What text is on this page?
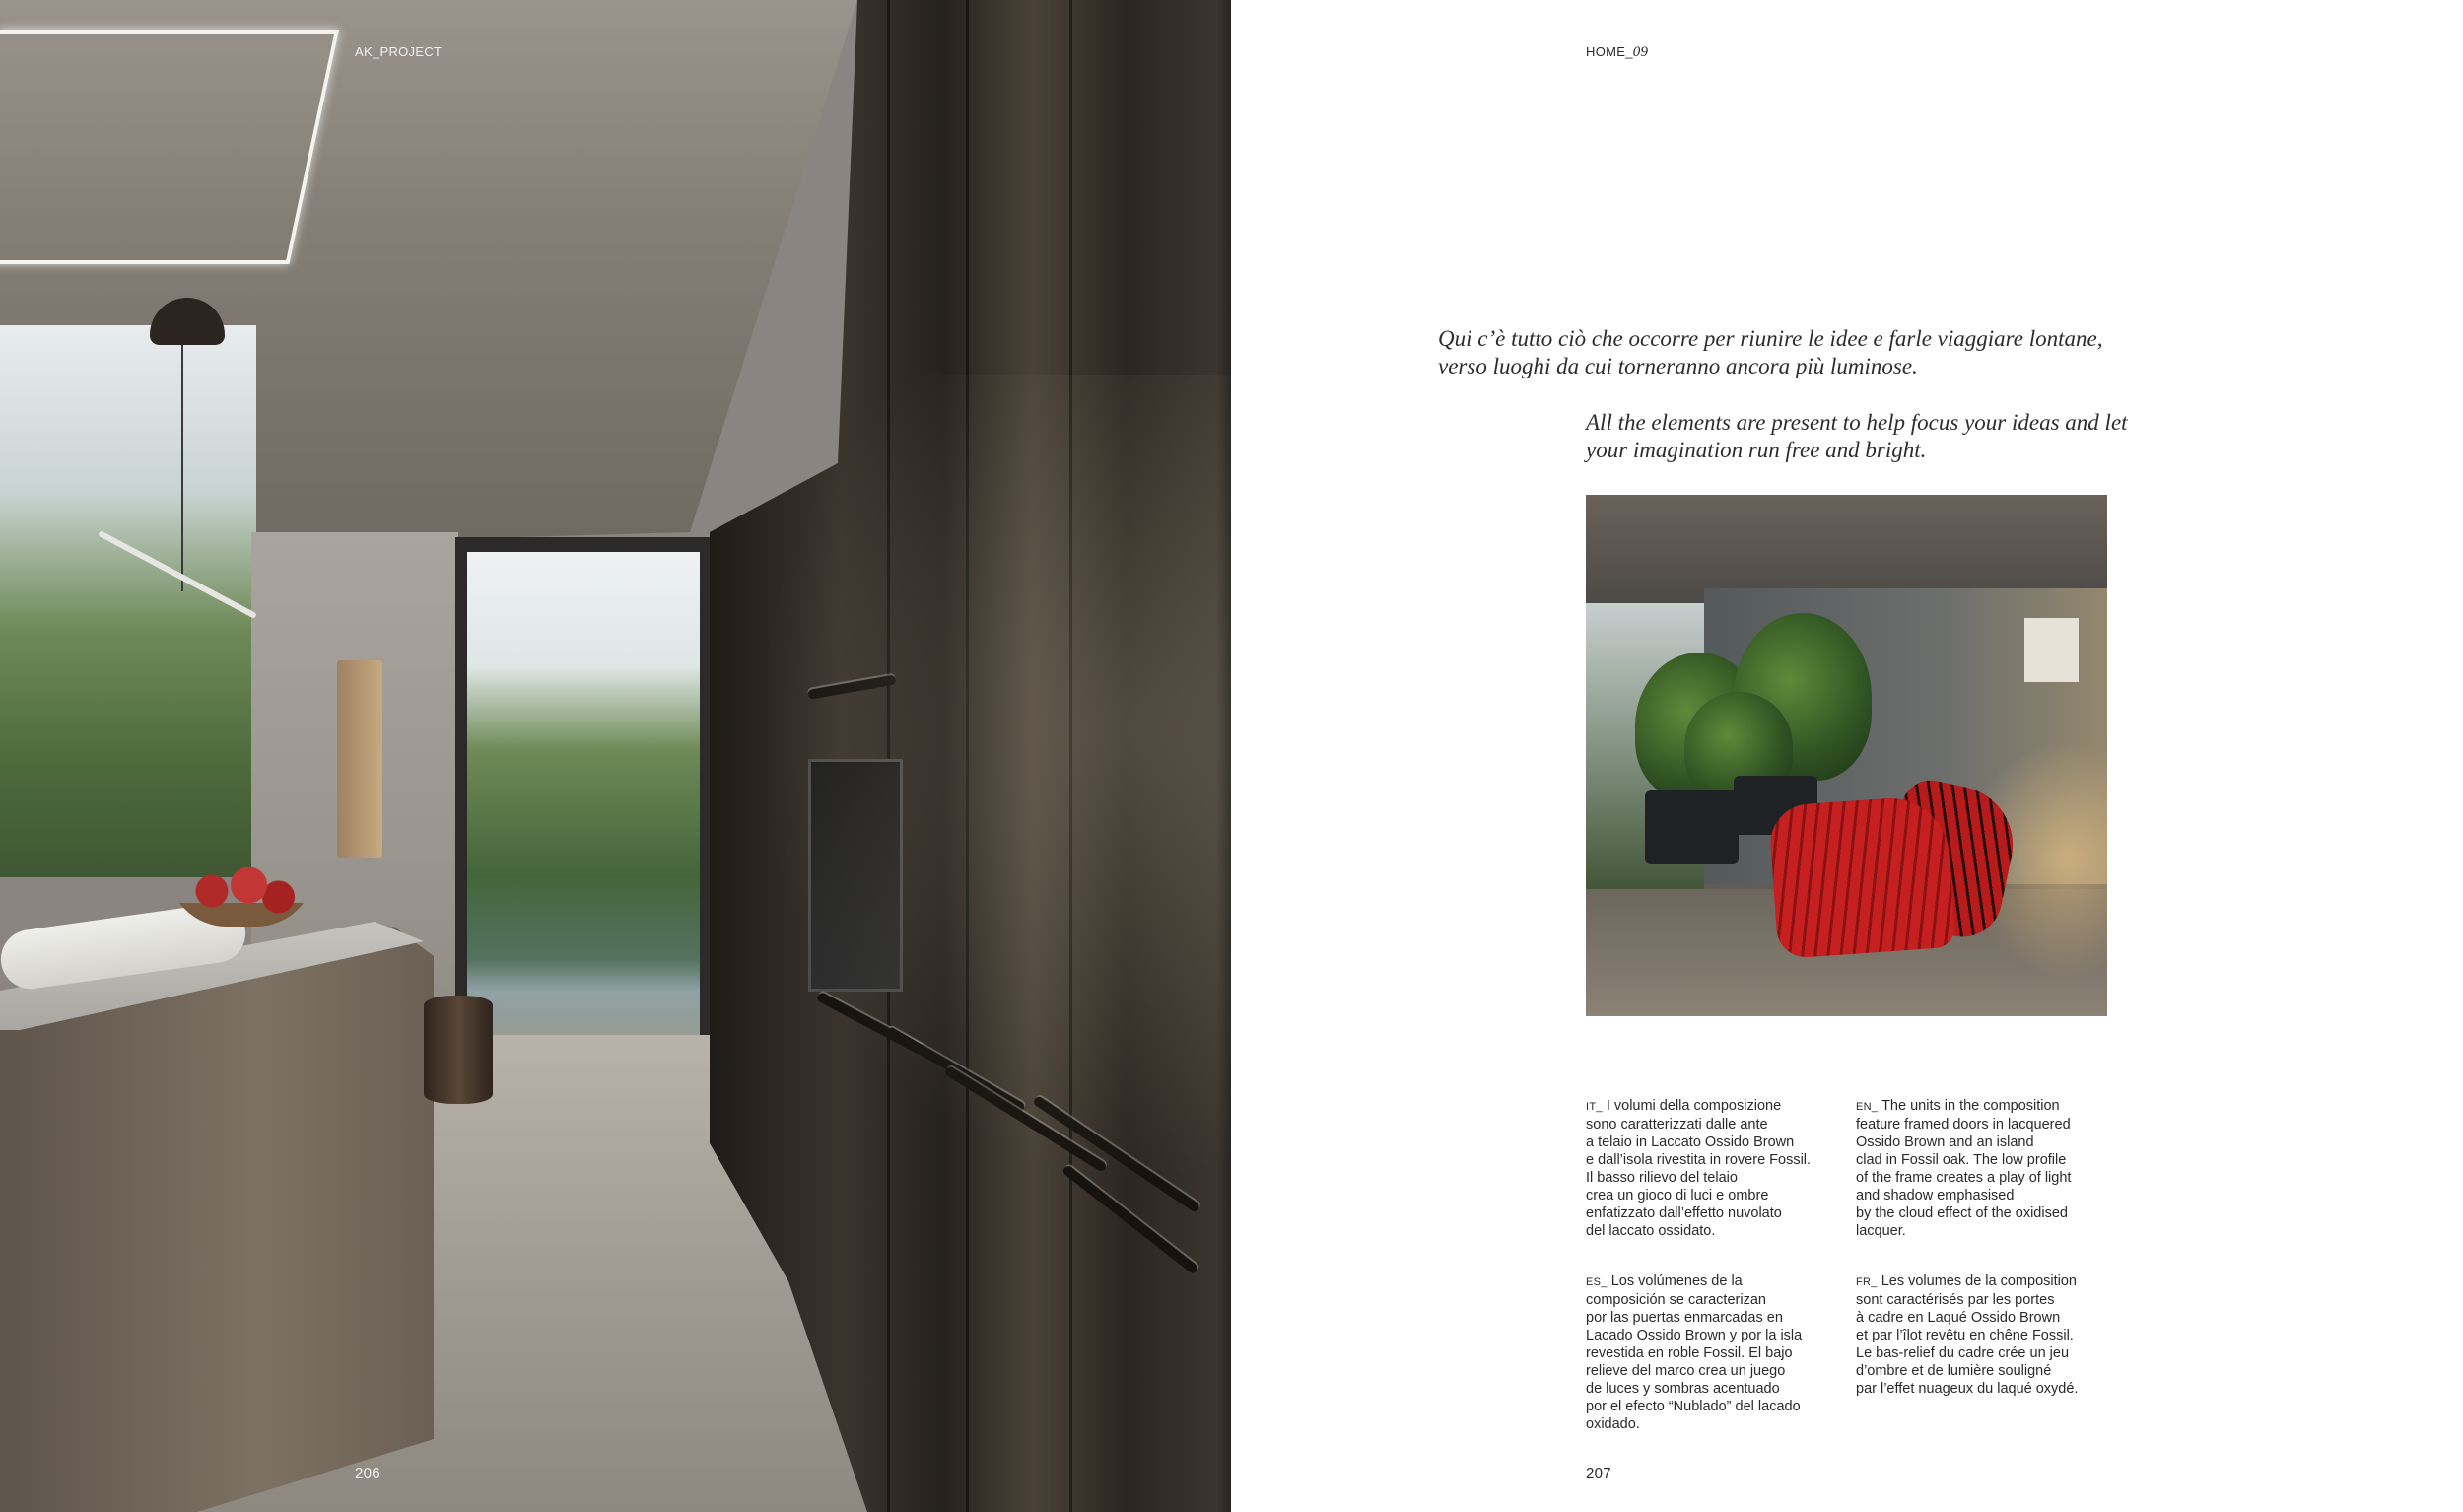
AK_PROJECT
206
HOME_09

Qui c’è tutto ciò che occorre per riunire le idee e farle viaggiare lontane, verso luoghi da cui torneranno ancora più luminose.

All the elements are present to help focus your ideas and let your imagination run free and bright.

IT_ I volumi della composizione
sono caratterizzati dalle ante
a telaio in Laccato Ossido Brown
e dall’isola rivestita in rovere Fossil.
Il basso rilievo del telaio
crea un gioco di luci e ombre
enfatizzato dall’effetto nuvolato
del laccato ossidato.

EN_ The units in the composition
feature framed doors in lacquered
Ossido Brown and an island
clad in Fossil oak. The low profile
of the frame creates a play of light
and shadow emphasised
by the cloud effect of the oxidised
lacquer.

ES_ Los volúmenes de la
composición se caracterizan
por las puertas enmarcadas en
Lacado Ossido Brown y por la isla
revestida en roble Fossil. El bajo
relieve del marco crea un juego
de luces y sombras acentuado
por el efecto “Nublado” del lacado
oxidado.

FR_ Les volumes de la composition
sont caractérisés par les portes
à cadre en Laqué Ossido Brown
et par l’îlot revêtu en chêne Fossil.
Le bas-relief du cadre crée un jeu
d’ombre et de lumière souligné
par l’effet nuageux du laqué oxydé.

207
